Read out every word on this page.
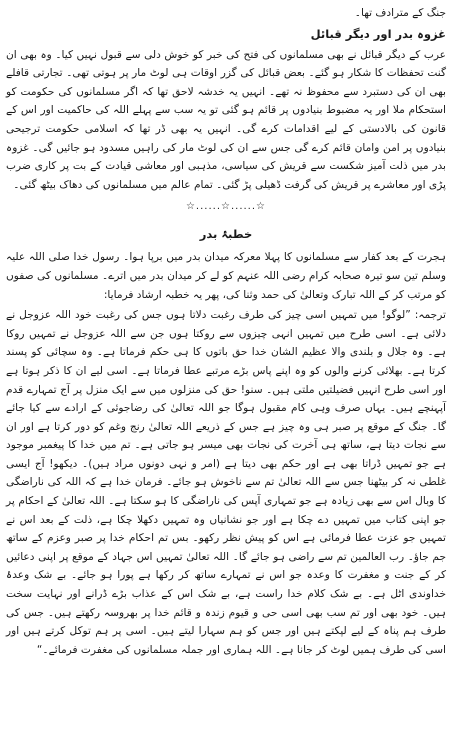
جنگ کے مترادف تھا۔

غزوہ بدر اور دیگر قبائل

عرب کے دیگر قبائل نے بھی مسلمانوں کی فتح کی خبر کو خوش دلی سے قبول نہیں کیا۔ وہ بھی ان گنت تحفظات کا شکار ہو گئے۔ بعض قبائل کی گزر اوقات ہی لوٹ مار پر ہوتی تھی۔ تجارتی قافلے بھی ان کی دستبرد سے محفوظ نہ تھے۔ انہیں یہ خدشہ لاحق تھا کہ اگر مسلمانوں کی حکومت کو استحکام ملا اور یہ مضبوط بنیادوں پر قائم ہو گئی تو یہ سب سے پہلے اللہ کی حاکمیت اور اس کے قانون کی بالادستی کے لیے اقدامات کرے گی۔ انہیں یہ بھی ڈر تھا کہ اسلامی حکومت ترجیحی بنیادوں پر امن وامان قائم کرے گی جس سے ان کی لوٹ مار کی راہیں مسدود ہو جائیں گی۔ غزوہ بدر میں ذلت آمیز شکست سے قریش کی سیاسی، مذہبی اور معاشی قیادت کے بت پر کاری ضرب پڑی اور معاشرے پر قریش کی گرفت ڈھیلی پڑ گئی۔ تمام عالم میں مسلمانوں کی دھاک بیٹھ گئی۔

☆......☆......☆
خطبۂ بدر

ہجرت کے بعد کفار سے مسلمانوں کا پہلا معرکہ میدان بدر میں برپا ہوا۔ رسول خدا صلی اللہ علیہ وسلم تین سو تیرہ صحابہ کرام رضی اللہ عنہم کو لے کر میدان بدر میں اترے۔ مسلمانوں کی صفوں کو مرتب کر کے اللہ تبارک وتعالیٰ کی حمد وثنا کی، پھر یہ خطبہ ارشاد فرمایا:

ترجمہ: ”لوگو! میں تمہیں اسی چیز کی طرف رغبت دلاتا ہوں جس کی رغبت خود اللہ عزوجل نے دلائی ہے۔ اسی طرح میں تمہیں انہی چیزوں سے روکتا ہوں جن سے اللہ عزوجل نے تمہیں روکا ہے۔ وہ جلال و بلندی والا عظیم الشان خدا حق باتوں کا ہی حکم فرماتا ہے۔ وہ سچائی کو پسند کرتا ہے۔ بھلائی کرنے والوں کو وہ اپنے پاس بڑے مرتبے عطا فرماتا ہے۔ اسی لیے ان کا ذکر ہوتا ہے اور اسی طرح انہیں فضیلتیں ملتی ہیں۔ سنو! حق کی منزلوں میں سے ایک منزل پر آج تمہارے قدم آپہنچے ہیں۔ یہاں صرف وہی کام مقبول ہوگا جو اللہ تعالیٰ کی رضاجوئی کے ارادے سے کیا جائے گا۔ جنگ کے موقع پر صبر ہی وہ چیز ہے جس کے ذریعے اللہ تعالیٰ رنج وغم کو دور کرتا ہے اور ان سے نجات دیتا ہے، ساتھ ہی آخرت کی نجات بھی میسر ہو جاتی ہے۔ تم میں خدا کا پیغمبر موجود ہے جو تمہیں ڈراتا بھی ہے اور حکم بھی دیتا ہے (امر و نہی دونوں مراد ہیں)۔ دیکھو! آج ایسی غلطی نہ کر بیٹھنا جس سے اللہ تعالیٰ تم سے ناخوش ہو جائے۔ فرمان خدا ہے کہ اللہ کی ناراضگی کا وبال اس سے بھی زیادہ ہے جو تمہاری آپس کی ناراضگی کا ہو سکتا ہے۔ اللہ تعالیٰ کے احکام پر جو اپنی کتاب میں تمہیں دے چکا ہے اور جو نشانیاں وہ تمہیں دکھلا چکا ہے، ذلت کے بعد اس نے تمہیں جو عزت عطا فرمائی ہے اس کو پیش نظر رکھو۔ بس تم احکام خدا پر صبر وعزم کے ساتھ جم جاؤ۔ رب العالمین تم سے راضی ہو جائے گا۔ اللہ تعالیٰ تمہیں اس جہاد کے موقع پر اپنی دعائیں کر کے جنت و مغفرت کا وعدہ جو اس نے تمہارے ساتھ کر رکھا ہے پورا ہو جائے۔ بے شک وعدۂ خداوندی اٹل ہے۔ بے شک کلام خدا راست ہے، بے شک اس کے عذاب بڑے ڈرانے اور نہایت سخت ہیں۔ خود بھی اور تم سب بھی اسی حی و قیوم زندہ و قائم خدا پر بھروسہ رکھتے ہیں۔ جس کی طرف ہم پناہ کے لیے لپکتے ہیں اور جس کو ہم سہارا لیتے ہیں۔ اسی پر ہم توکل کرتے ہیں اور اسی کی طرف ہمیں لوٹ کر جانا ہے۔ اللہ ہماری اور جملہ مسلمانوں کی مغفرت فرمائے۔“
